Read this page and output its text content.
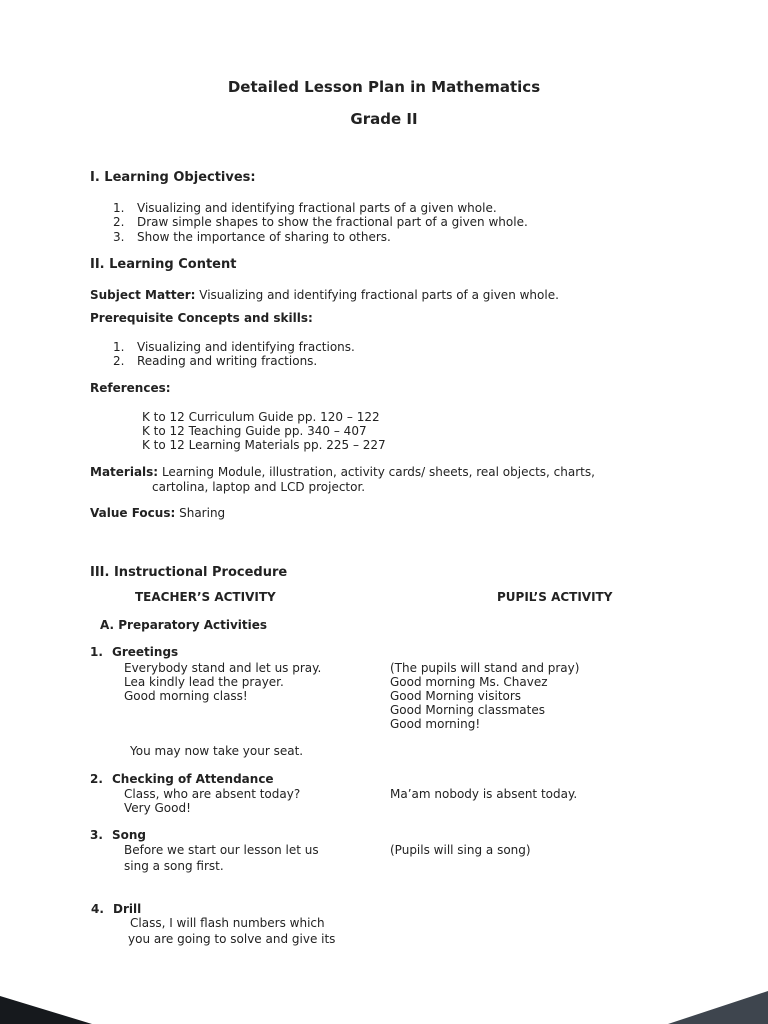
Detailed Lesson Plan in Mathematics
Grade II
I. Learning Objectives:
1. Visualizing and identifying fractional parts of a given whole.
2. Draw simple shapes to show the fractional part of a given whole.
3. Show the importance of sharing to others.
II. Learning Content
Subject Matter: Visualizing and identifying fractional parts of a given whole.
Prerequisite Concepts and skills:
1. Visualizing and identifying fractions.
2. Reading and writing fractions.
References:
K to 12 Curriculum Guide pp. 120 – 122
K to 12 Teaching Guide pp. 340 – 407
K to 12 Learning Materials pp. 225 – 227
Materials: Learning Module, illustration, activity cards/ sheets, real objects, charts,
cartolina, laptop and LCD projector.
Value Focus: Sharing
III. Instructional Procedure
TEACHER’S ACTIVITY	PUPIL’S ACTIVITY
A. Preparatory Activities
1. Greetings
Everybody stand and let us pray.
Lea kindly lead the prayer.
Good morning class!
(The pupils will stand and pray)
Good morning Ms. Chavez
Good Morning visitors
Good Morning classmates
Good morning!
You may now take your seat.
2. Checking of Attendance
Class, who are absent today?
Very Good!
Ma’am nobody is absent today.
3. Song
Before we start our lesson let us
sing a song first.
(Pupils will sing a song)
4. Drill
Class, I will flash numbers which
you are going to solve and give its
